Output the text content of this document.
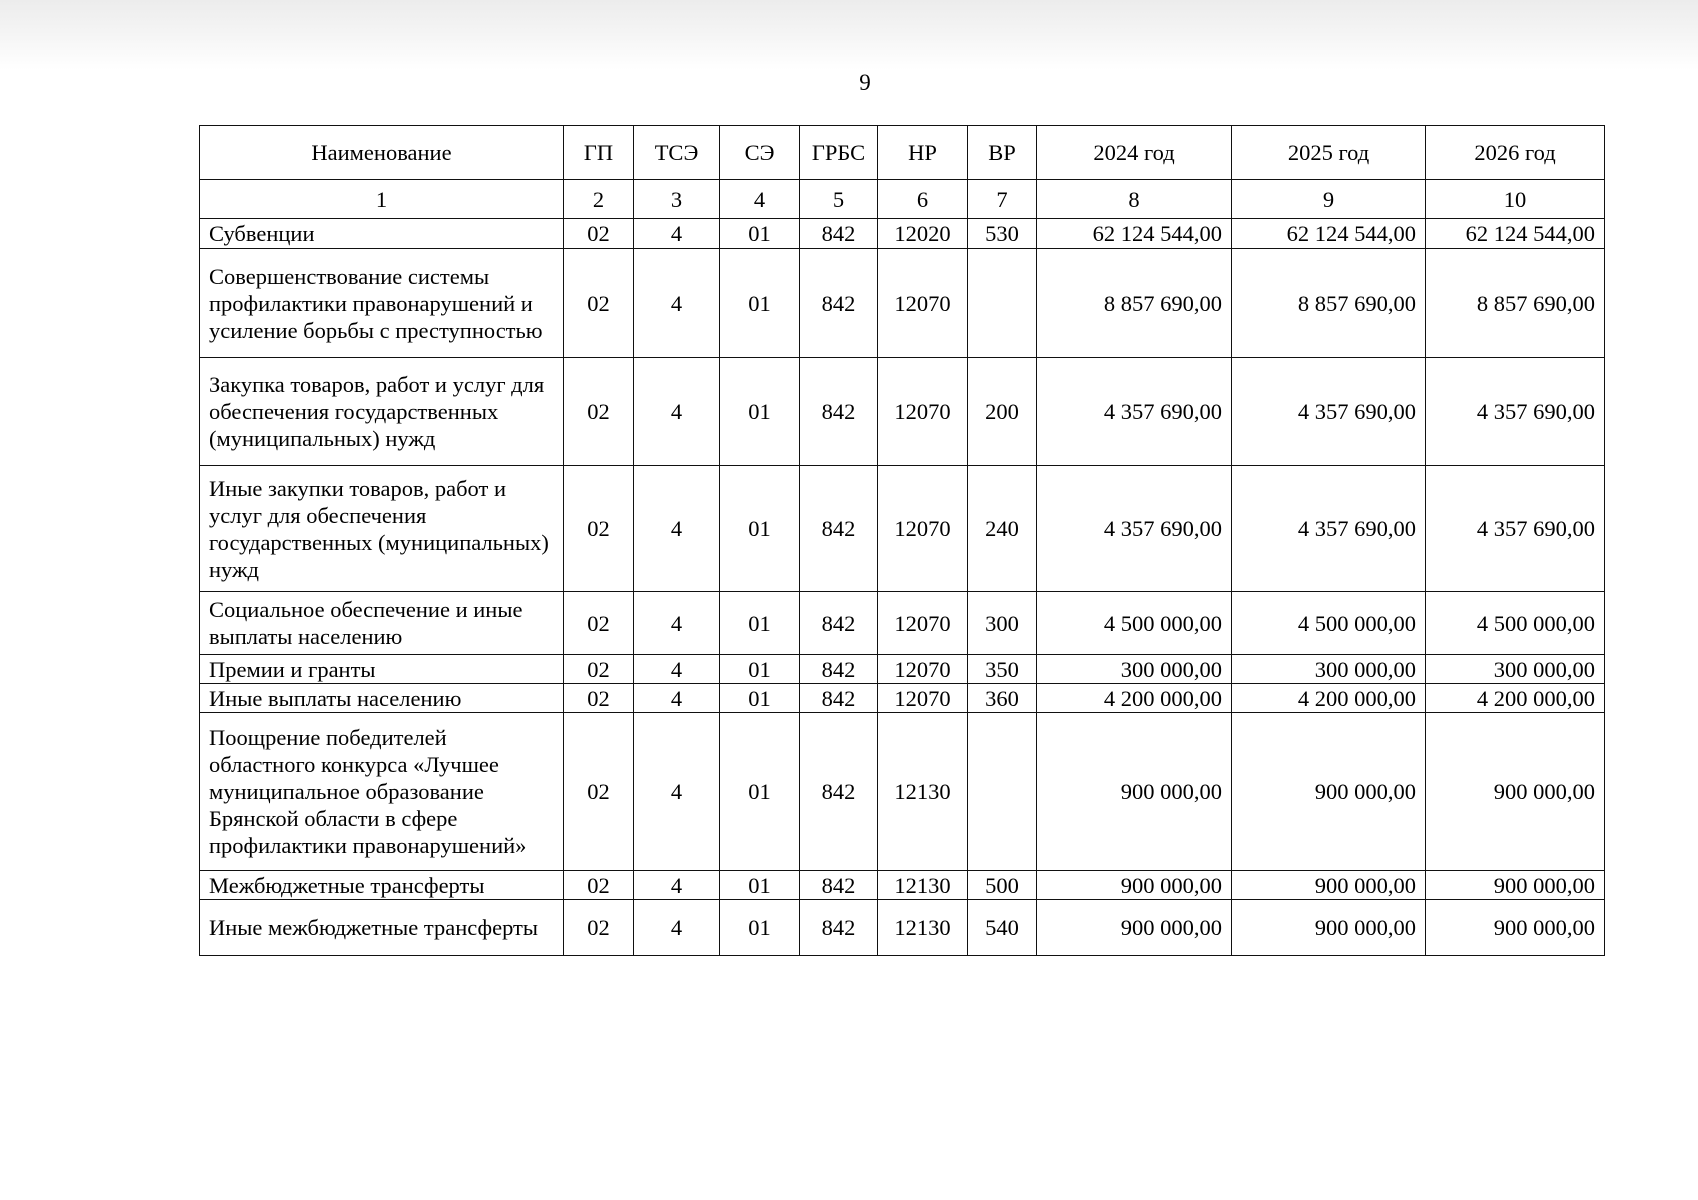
9
Наименование	ГП	ТСЭ	СЭ	ГРБС	НР	ВР	2024 год	2025 год	2026 год
1	2	3	4	5	6	7	8	9	10
Субвенции	02	4	01	842	12020	530	62 124 544,00	62 124 544,00	62 124 544,00
Совершенствование системы профилактики правонарушений и усиление борьбы с преступностью	02	4	01	842	12070		8 857 690,00	8 857 690,00	8 857 690,00
Закупка товаров, работ и услуг для обеспечения государственных (муниципальных) нужд	02	4	01	842	12070	200	4 357 690,00	4 357 690,00	4 357 690,00
Иные закупки товаров, работ и услуг для обеспечения государственных (муниципальных) нужд	02	4	01	842	12070	240	4 357 690,00	4 357 690,00	4 357 690,00
Социальное обеспечение и иные выплаты населению	02	4	01	842	12070	300	4 500 000,00	4 500 000,00	4 500 000,00
Премии и гранты	02	4	01	842	12070	350	300 000,00	300 000,00	300 000,00
Иные выплаты населению	02	4	01	842	12070	360	4 200 000,00	4 200 000,00	4 200 000,00
Поощрение победителей областного конкурса «Лучшее муниципальное образование Брянской области в сфере профилактики правонарушений»	02	4	01	842	12130		900 000,00	900 000,00	900 000,00
Межбюджетные трансферты	02	4	01	842	12130	500	900 000,00	900 000,00	900 000,00
Иные межбюджетные трансферты	02	4	01	842	12130	540	900 000,00	900 000,00	900 000,00
